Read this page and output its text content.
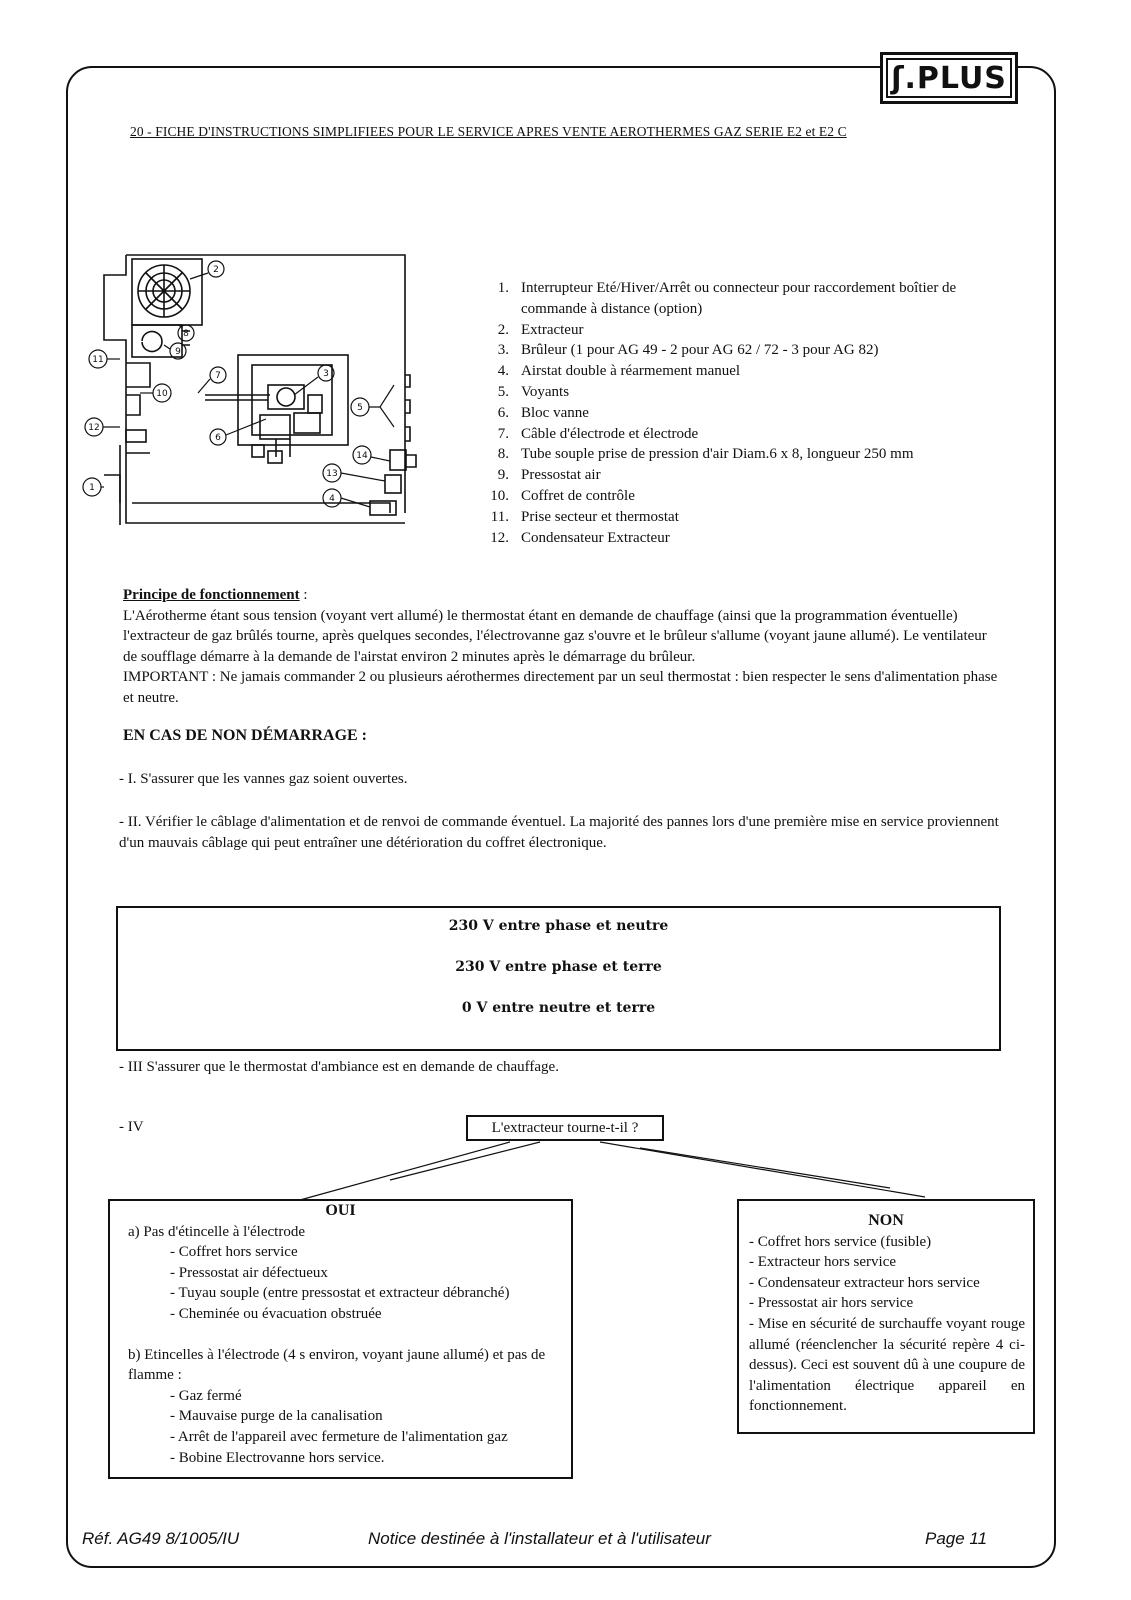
ʃ.PLUS
20 - FICHE D'INSTRUCTIONS SIMPLIFIEES POUR LE SERVICE APRES VENTE AEROTHERMES GAZ SERIE E2 et E2 C
2
8
9
7	3
11
10
12
6
5
14
13
4
1
1. Interrupteur Eté/Hiver/Arrêt ou connecteur pour raccordement boîtier de commande à distance (option)
2. Extracteur
3. Brûleur (1 pour AG 49 - 2 pour AG 62 / 72 - 3 pour AG 82)
4. Airstat double à réarmement manuel
5. Voyants
6. Bloc vanne
7. Câble d'électrode et électrode
8. Tube souple prise de pression d'air Diam.6 x 8, longueur 250 mm
9. Pressostat air
10. Coffret de contrôle
11. Prise secteur et thermostat
12. Condensateur Extracteur
Principe de fonctionnement :
L'Aérotherme étant sous tension (voyant vert allumé) le thermostat étant en demande de chauffage (ainsi que la programmation éventuelle) l'extracteur de gaz brûlés tourne, après quelques secondes, l'électrovanne gaz s'ouvre et le brûleur s'allume (voyant jaune allumé). Le ventilateur de soufflage démarre à la demande de l'airstat environ 2 minutes après le démarrage du brûleur.
IMPORTANT : Ne jamais commander 2 ou plusieurs aérothermes directement par un seul thermostat : bien respecter le sens d'alimentation phase et neutre.
EN CAS DE NON DÉMARRAGE :
- I. S'assurer que les vannes gaz soient ouvertes.
- II. Vérifier le câblage d'alimentation et de renvoi de commande éventuel. La majorité des pannes lors d'une première mise en service proviennent d'un mauvais câblage qui peut entraîner une détérioration du coffret électronique.
230 V entre phase et neutre
230 V entre phase et terre
0 V entre neutre et terre
- III S'assurer que le thermostat d'ambiance est en demande de chauffage.
- IV	L'extracteur tourne-t-il ?
OUI
a) Pas d'étincelle à l'électrode
- Coffret hors service
- Pressostat air défectueux
- Tuyau souple (entre pressostat et extracteur débranché)
- Cheminée ou évacuation obstruée
b) Etincelles à l'électrode (4 s environ, voyant jaune allumé) et pas de flamme :
- Gaz fermé
- Mauvaise purge de la canalisation
- Arrêt de l'appareil avec fermeture de l'alimentation gaz
- Bobine Electrovanne hors service.
NON
- Coffret hors service (fusible)
- Extracteur hors service
- Condensateur extracteur hors service
- Pressostat air hors service
- Mise en sécurité de surchauffe voyant rouge allumé (réenclencher la sécurité repère 4 ci-dessus). Ceci est souvent dû à une coupure de l'alimentation électrique appareil en fonctionnement.
Réf. AG49 8/1005/IU	Notice destinée à l'installateur et à l'utilisateur	Page 11
